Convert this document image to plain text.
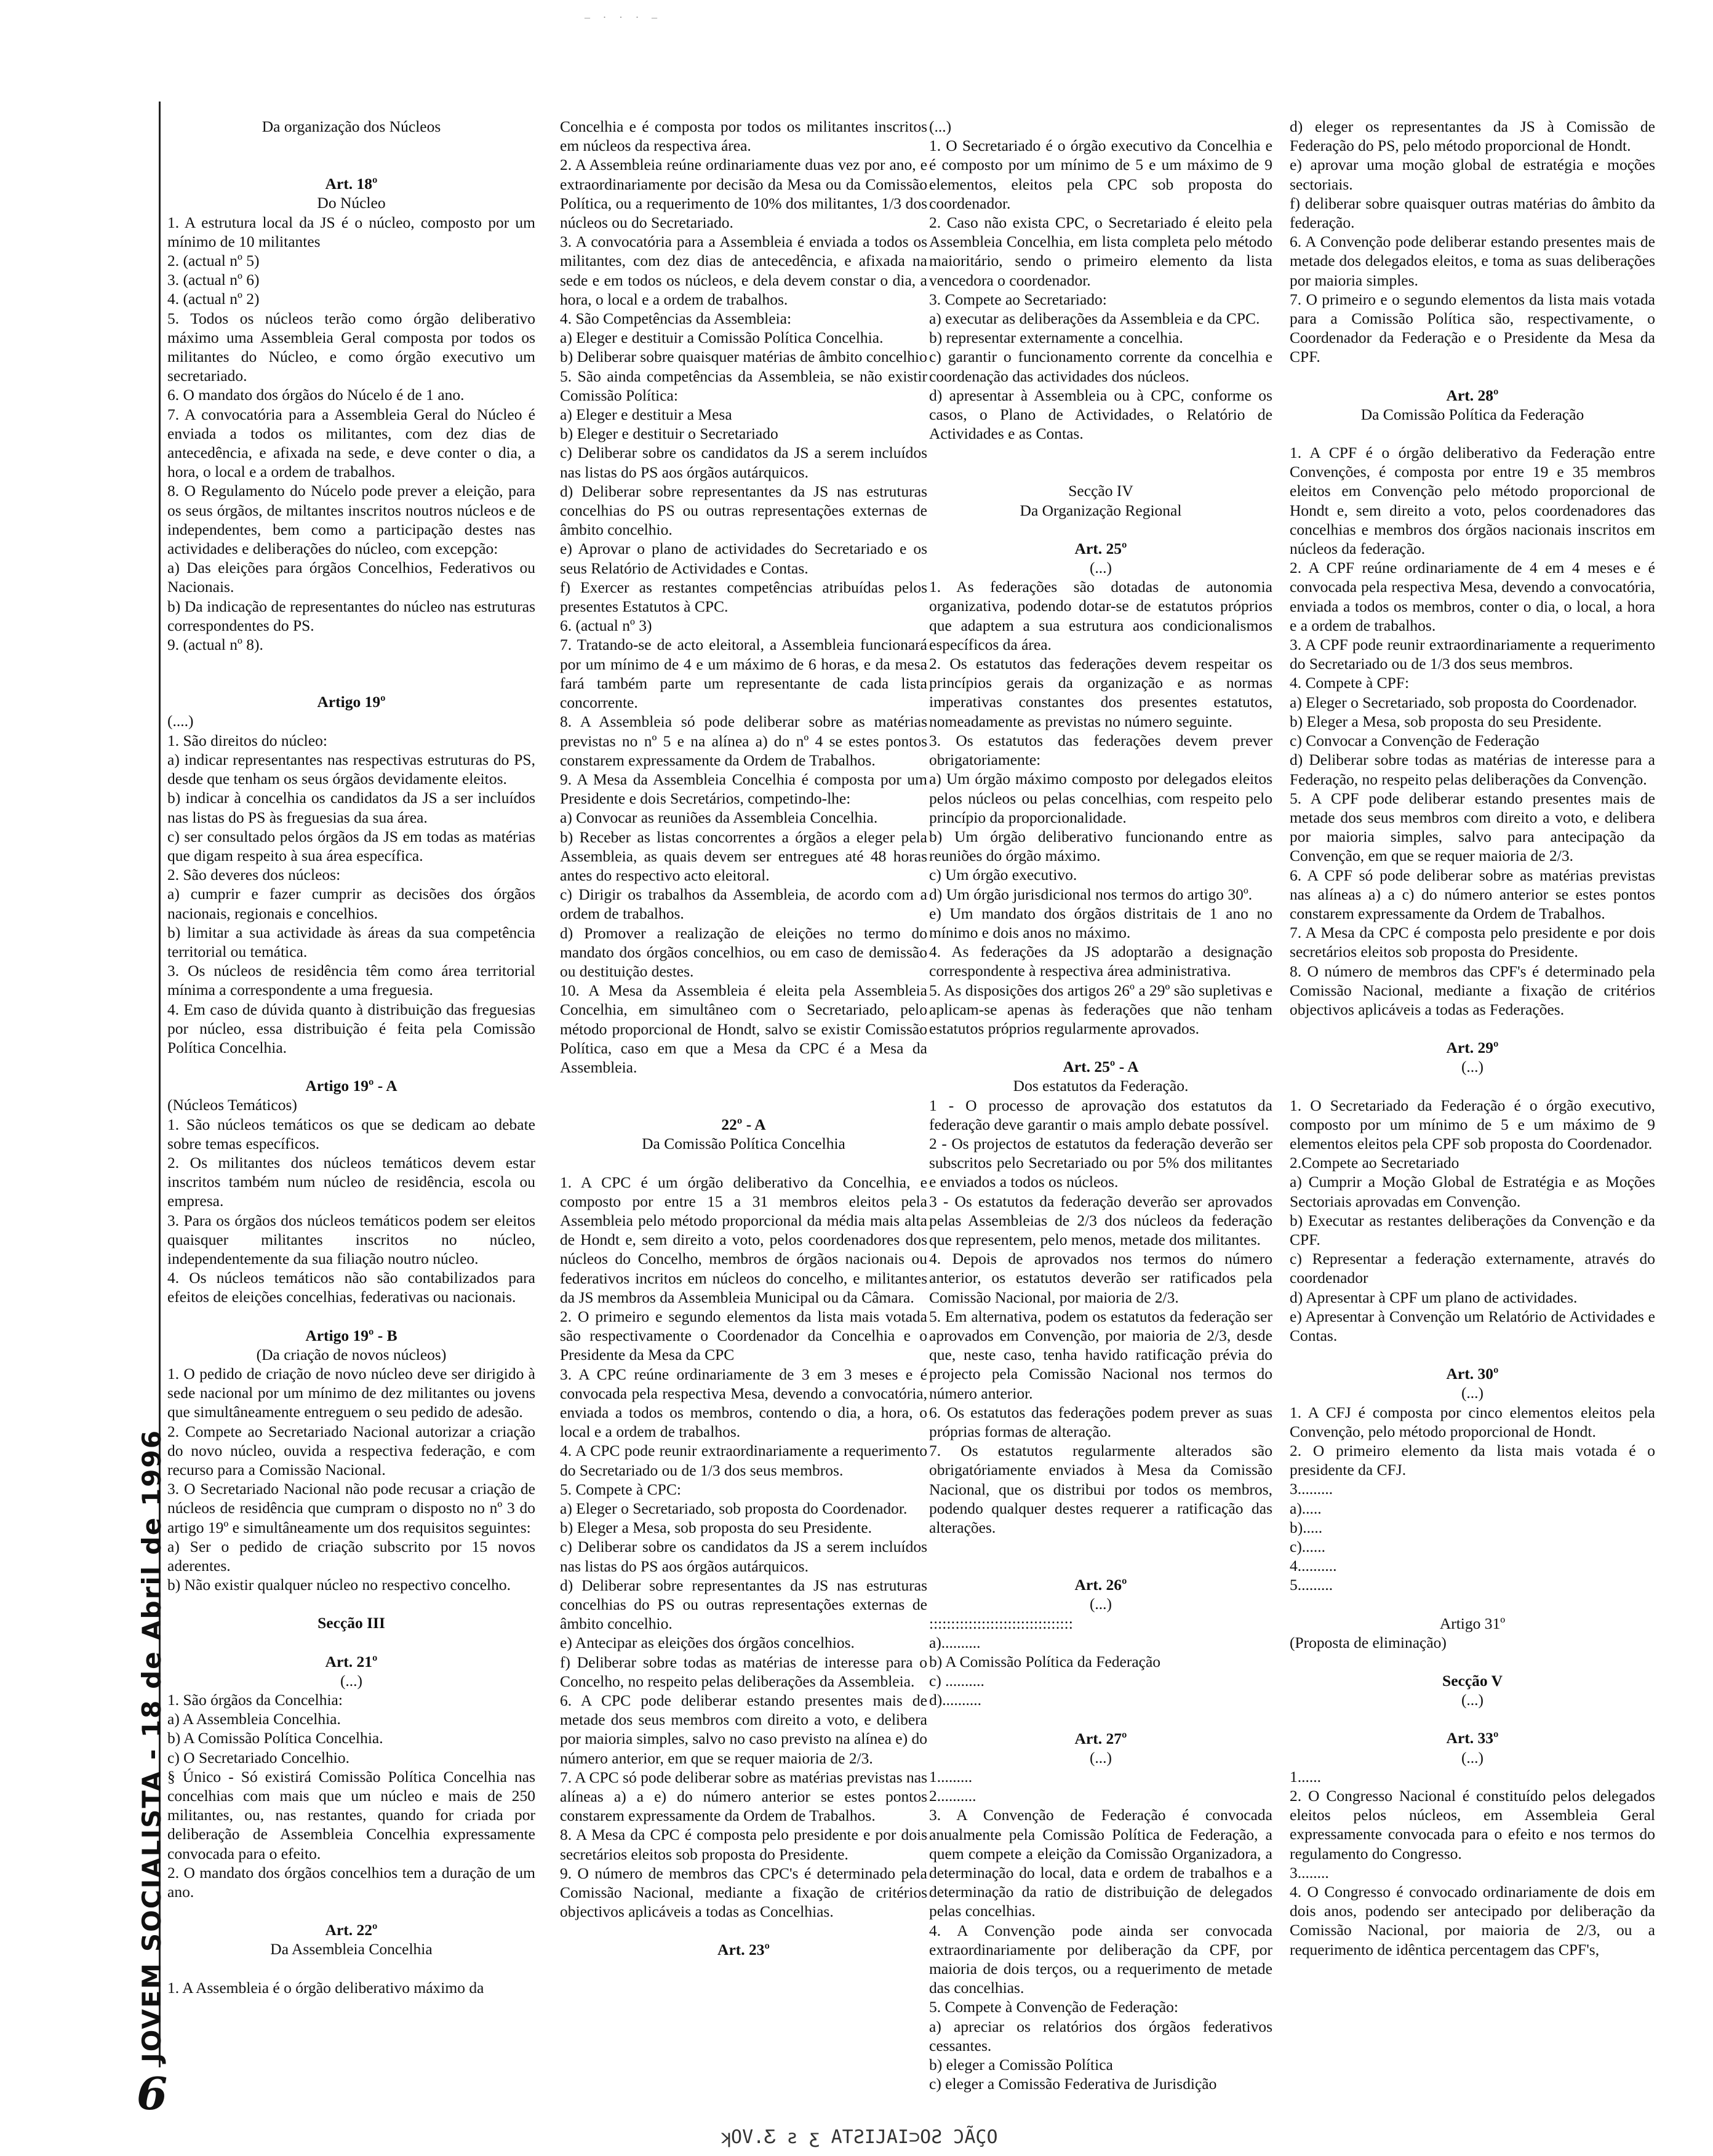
– · · · –
JOVEM SOCIALISTA - 18 de Abril de 1996
6

Da organização dos Núcleos

Art. 18º

Do Núcleo

1. A estrutura local da JS é o núcleo, composto por um mínimo de 10 militantes

2. (actual nº 5)

3. (actual nº 6)

4. (actual nº 2)

5. Todos os núcleos terão como órgão deliberativo máximo uma Assembleia Geral composta por todos os militantes do Núcleo, e como órgão executivo um secretariado.

6. O mandato dos órgãos do Núcelo é de 1 ano.

7. A convocatória para a Assembleia Geral do Núcleo é enviada a todos os militantes, com dez dias de antecedência, e afixada na sede, e deve conter o dia, a hora, o local e a ordem de trabalhos.

8. O Regulamento do Núcelo pode prever a eleição, para os seus órgãos, de miltantes inscritos noutros núcleos e de independentes, bem como a participação destes nas actividades e deliberações do núcleo, com excepção:

a) Das eleições para órgãos Concelhios, Federativos ou Nacionais.

b) Da indicação de representantes do núcleo nas estruturas correspondentes do PS.

9. (actual nº 8).

Artigo 19º

(....)

1. São direitos do núcleo:

a) indicar representantes nas respectivas estruturas do PS, desde que tenham os seus órgãos devidamente eleitos.

b) indicar à concelhia os candidatos da JS a ser incluídos nas listas do PS às freguesias da sua área.

c) ser consultado pelos órgãos da JS em todas as matérias que digam respeito à sua área específica.

2. São deveres dos núcleos:

a) cumprir e fazer cumprir as decisões dos órgãos nacionais, regionais e concelhios.

b) limitar a sua actividade às áreas da sua competência territorial ou temática.

3. Os núcleos de residência têm como área territorial mínima a correspondente a uma freguesia.

4. Em caso de dúvida quanto à distribuição das freguesias por núcleo, essa distribuição é feita pela Comissão Política Concelhia.

Artigo 19º - A

(Núcleos Temáticos)

1. São núcleos temáticos os que se dedicam ao debate sobre temas específicos.

2. Os militantes dos núcleos temáticos devem estar inscritos também num núcleo de residência, escola ou empresa.

3. Para os órgãos dos núcleos temáticos podem ser eleitos quaisquer militantes inscritos no núcleo, independentemente da sua filiação noutro núcleo.

4. Os núcleos temáticos não são contabilizados para efeitos de eleições concelhias, federativas ou nacionais.

Artigo 19º - B

(Da criação de novos núcleos)

1. O pedido de criação de novo núcleo deve ser dirigido à sede nacional por um mínimo de dez militantes ou jovens que simultâneamente entreguem o seu pedido de adesão.

2. Compete ao Secretariado Nacional autorizar a criação do novo núcleo, ouvida a respectiva federação, e com recurso para a Comissão Nacional.

3. O Secretariado Nacional não pode recusar a criação de núcleos de residência que cumpram o disposto no nº 3 do artigo 19º e simultâneamente um dos requisitos seguintes:

a) Ser o pedido de criação subscrito por 15 novos aderentes.

b) Não existir qualquer núcleo no respectivo concelho.

Secção III
Art. 21º

(...)

1. São órgãos da Concelhia:

a) A Assembleia Concelhia.

b) A Comissão Política Concelhia.

c) O Secretariado Concelhio.

§ Único - Só existirá Comissão Política Concelhia nas concelhias com mais que um núcleo e mais de 250 militantes, ou, nas restantes, quando for criada por deliberação de Assembleia Concelhia expressamente convocada para o efeito.

2. O mandato dos órgãos concelhios tem a duração de um ano.

Art. 22º

Da Assembleia Concelhia

1. A Assembleia é o órgão deliberativo máximo da

Concelhia e é composta por todos os militantes inscritos em núcleos da respectiva área.

2. A Assembleia reúne ordinariamente duas vez por ano, e extraordinariamente por decisão da Mesa ou da Comissão Política, ou a requerimento de 10% dos militantes, 1/3 dos núcleos ou do Secretariado.

3. A convocatória para a Assembleia é enviada a todos os militantes, com dez dias de antecedência, e afixada na sede e em todos os núcleos, e dela devem constar o dia, a hora, o local e a ordem de trabalhos.

4. São Competências da Assembleia:

a) Eleger e destituir a Comissão Política Concelhia.

b) Deliberar sobre quaisquer matérias de âmbito concelhio

5. São ainda competências da Assembleia, se não existir Comissão Política:

a) Eleger e destituir a Mesa

b) Eleger e destituir o Secretariado

c) Deliberar sobre os candidatos da JS a serem incluídos nas listas do PS aos órgãos autárquicos.

d) Deliberar sobre representantes da JS nas estruturas concelhias do PS ou outras representações externas de âmbito concelhio.

e) Aprovar o plano de actividades do Secretariado e os seus Relatório de Actividades e Contas.

f) Exercer as restantes competências atribuídas pelos presentes Estatutos à CPC.

6. (actual nº 3)

7. Tratando-se de acto eleitoral, a Assembleia funcionará por um mínimo de 4 e um máximo de 6 horas, e da mesa fará também parte um representante de cada lista concorrente.

8. A Assembleia só pode deliberar sobre as matérias previstas no nº 5 e na alínea a) do nº 4 se estes pontos constarem expressamente da Ordem de Trabalhos.

9. A Mesa da Assembleia Concelhia é composta por um Presidente e dois Secretários, competindo-lhe:

a) Convocar as reuniões da Assembleia Concelhia.

b) Receber as listas concorrentes a órgãos a eleger pela Assembleia, as quais devem ser entregues até 48 horas antes do respectivo acto eleitoral.

c) Dirigir os trabalhos da Assembleia, de acordo com a ordem de trabalhos.

d) Promover a realização de eleições no termo do mandato dos órgãos concelhios, ou em caso de demissão ou destituição destes.

10. A Mesa da Assembleia é eleita pela Assembleia Concelhia, em simultâneo com o Secretariado, pelo método proporcional de Hondt, salvo se existir Comissão Política, caso em que a Mesa da CPC é a Mesa da Assembleia.

22º - A

Da Comissão Política Concelhia

1. A CPC é um órgão deliberativo da Concelhia, e composto por entre 15 a 31 membros eleitos pela Assembleia pelo método proporcional da média mais alta de Hondt e, sem direito a voto, pelos coordenadores dos núcleos do Concelho, membros de órgãos nacionais ou federativos incritos em núcleos do concelho, e militantes da JS membros da Assembleia Municipal ou da Câmara.

2. O primeiro e segundo elementos da lista mais votada são respectivamente o Coordenador da Concelhia e o Presidente da Mesa da CPC

3. A CPC reúne ordinariamente de 3 em 3 meses e é convocada pela respectiva Mesa, devendo a convocatória, enviada a todos os membros, contendo o dia, a hora, o local e a ordem de trabalhos.

4. A CPC pode reunir extraordinariamente a requerimento do Secretariado ou de 1/3 dos seus membros.

5. Compete à CPC:

a) Eleger o Secretariado, sob proposta do Coordenador.

b) Eleger a Mesa, sob proposta do seu Presidente.

c) Deliberar sobre os candidatos da JS a serem incluídos nas listas do PS aos órgãos autárquicos.

d) Deliberar sobre representantes da JS nas estruturas concelhias do PS ou outras representações externas de âmbito concelhio.

e) Antecipar as eleições dos órgãos concelhios.

f) Deliberar sobre todas as matérias de interesse para o Concelho, no respeito pelas deliberações da Assembleia.

6. A CPC pode deliberar estando presentes mais de metade dos seus membros com direito a voto, e delibera por maioria simples, salvo no caso previsto na alínea e) do número anterior, em que se requer maioria de 2/3.

7. A CPC só pode deliberar sobre as matérias previstas nas alíneas a) a e) do número anterior se estes pontos constarem expressamente da Ordem de Trabalhos.

8. A Mesa da CPC é composta pelo presidente e por dois secretários eleitos sob proposta do Presidente.

9. O número de membros das CPC's é determinado pela Comissão Nacional, mediante a fixação de critérios objectivos aplicáveis a todas as Concelhias.

Art. 23º

(...)

1. O Secretariado é o órgão executivo da Concelhia e é composto por um mínimo de 5 e um máximo de 9 elementos, eleitos pela CPC sob proposta do coordenador.

2. Caso não exista CPC, o Secretariado é eleito pela Assembleia Concelhia, em lista completa pelo método maioritário, sendo o primeiro elemento da lista vencedora o coordenador.

3. Compete ao Secretariado:

a) executar as deliberações da Assembleia e da CPC.

b) representar externamente a concelhia.

c) garantir o funcionamento corrente da concelhia e coordenação das actividades dos núcleos.

d) apresentar à Assembleia ou à CPC, conforme os casos, o Plano de Actividades, o Relatório de Actividades e as Contas.

Secção IV

Da Organização Regional

Art. 25º

(...)

1. As federações são dotadas de autonomia organizativa, podendo dotar-se de estatutos próprios que adaptem a sua estrutura aos condicionalismos específicos da área.

2. Os estatutos das federações devem respeitar os princípios gerais da organização e as normas imperativas constantes dos presentes estatutos, nomeadamente as previstas no número seguinte.

3. Os estatutos das federações devem prever obrigatoriamente:

a) Um órgão máximo composto por delegados eleitos pelos núcleos ou pelas concelhias, com respeito pelo princípio da proporcionalidade.

b) Um órgão deliberativo funcionando entre as reuniões do órgão máximo.

c) Um órgão executivo.

d) Um órgão jurisdicional nos termos do artigo 30º.

e) Um mandato dos órgãos distritais de 1 ano no mínimo e dois anos no máximo.

4. As federações da JS adoptarão a designação correspondente à respectiva área administrativa.

5. As disposições dos artigos 26º a 29º são supletivas e aplicam-se apenas às federações que não tenham estatutos próprios regularmente aprovados.

Art. 25º - A

Dos estatutos da Federação.

1 - O processo de aprovação dos estatutos da federação deve garantir o mais amplo debate possível.

2 - Os projectos de estatutos da federação deverão ser subscritos pelo Secretariado ou por 5% dos militantes e enviados a todos os núcleos.

3 - Os estatutos da federação deverão ser aprovados pelas Assembleias de 2/3 dos núcleos da federação que representem, pelo menos, metade dos militantes.

4. Depois de aprovados nos termos do número anterior, os estatutos deverão ser ratificados pela Comissão Nacional, por maioria de 2/3.

5. Em alternativa, podem os estatutos da federação ser aprovados em Convenção, por maioria de 2/3, desde que, neste caso, tenha havido ratificação prévia do projecto pela Comissão Nacional nos termos do número anterior.

6. Os estatutos das federações podem prever as suas próprias formas de alteração.

7. Os estatutos regularmente alterados são obrigatóriamente enviados à Mesa da Comissão Nacional, que os distribui por todos os membros, podendo qualquer destes requerer a ratificação das alterações.

Art. 26º

(...)

:::::::::::::::::::::::::::::::::

a)..........

b) A Comissão Política da Federação

c) ..........

d)..........

Art. 27º

(...)

1.........

2..........

3. A Convenção de Federação é convocada anualmente pela Comissão Política de Federação, a quem compete a eleição da Comissão Organizadora, a determinação do local, data e ordem de trabalhos e a determinação da ratio de distribuição de delegados pelas concelhias.

4. A Convenção pode ainda ser convocada extraordinariamente por deliberação da CPF, por maioria de dois terços, ou a requerimento de metade das concelhias.

5. Compete à Convenção de Federação:

a) apreciar os relatórios dos órgãos federativos cessantes.

b) eleger a Comissão Política

c) eleger a Comissão Federativa de Jurisdição

d) eleger os representantes da JS à Comissão de Federação do PS, pelo método proporcional de Hondt.

e) aprovar uma moção global de estratégia e moções sectoriais.

f) deliberar sobre quaisquer outras matérias do âmbito da federação.

6. A Convenção pode deliberar estando presentes mais de metade dos delegados eleitos, e toma as suas deliberações por maioria simples.

7. O primeiro e o segundo elementos da lista mais votada para a Comissão Política são, respectivamente, o Coordenador da Federação e o Presidente da Mesa da CPF.

Art. 28º

Da Comissão Política da Federação

1. A CPF é o órgão deliberativo da Federação entre Convenções, é composta por entre 19 e 35 membros eleitos em Convenção pelo método proporcional de Hondt e, sem direito a voto, pelos coordenadores das concelhias e membros dos órgãos nacionais inscritos em núcleos da federação.

2. A CPF reúne ordinariamente de 4 em 4 meses e é convocada pela respectiva Mesa, devendo a convocatória, enviada a todos os membros, conter o dia, o local, a hora e a ordem de trabalhos.

3. A CPF pode reunir extraordinariamente a requerimento do Secretariado ou de 1/3 dos seus membros.

4. Compete à CPF:

a) Eleger o Secretariado, sob proposta do Coordenador.

b) Eleger a Mesa, sob proposta do seu Presidente.

c) Convocar a Convenção de Federação

d) Deliberar sobre todas as matérias de interesse para a Federação, no respeito pelas deliberações da Convenção.

5. A CPF pode deliberar estando presentes mais de metade dos seus membros com direito a voto, e delibera por maioria simples, salvo para antecipação da Convenção, em que se requer maioria de 2/3.

6. A CPF só pode deliberar sobre as matérias previstas nas alíneas a) a c) do número anterior se estes pontos constarem expressamente da Ordem de Trabalhos.

7. A Mesa da CPC é composta pelo presidente e por dois secretários eleitos sob proposta do Presidente.

8. O número de membros das CPF's é determinado pela Comissão Nacional, mediante a fixação de critérios objectivos aplicáveis a todas as Federações.

Art. 29º

(...)

1. O Secretariado da Federação é o órgão executivo, composto por um mínimo de 5 e um máximo de 9 elementos eleitos pela CPF sob proposta do Coordenador.

2.Compete ao Secretariado

a) Cumprir a Moção Global de Estratégia e as Moções Sectoriais aprovadas em Convenção.

b) Executar as restantes deliberações da Convenção e da CPF.

c) Representar a federação externamente, através do coordenador

d) Apresentar à CPF um plano de actividades.

e) Apresentar à Convenção um Relatório de Actividades e Contas.

Art. 30º

(...)

1. A CFJ é composta por cinco elementos eleitos pela Convenção, pelo método proporcional de Hondt.

2. O primeiro elemento da lista mais votada é o presidente da CFJ.

3.........

a).....

b).....

c)......

4..........

5.........

Artigo 31º

(Proposta de eliminação)

Secção V

(...)

Art. 33º

(...)

1......

2. O Congresso Nacional é constituído pelos delegados eleitos pelos núcleos, em Assembleia Geral expressamente convocada para o efeito e nos termos do regulamento do Congresso.

3........

4. O Congresso é convocado ordinariamente de dois em dois anos, podendo ser antecipado por deliberação da Comissão Nacional, por maioria de 2/3, ou a requerimento de idêntica percentagem das CPF's,

ʞOV.Ƹ ƨ ƹ ATƧIJAI⊃OƧ ƆÃÇO
